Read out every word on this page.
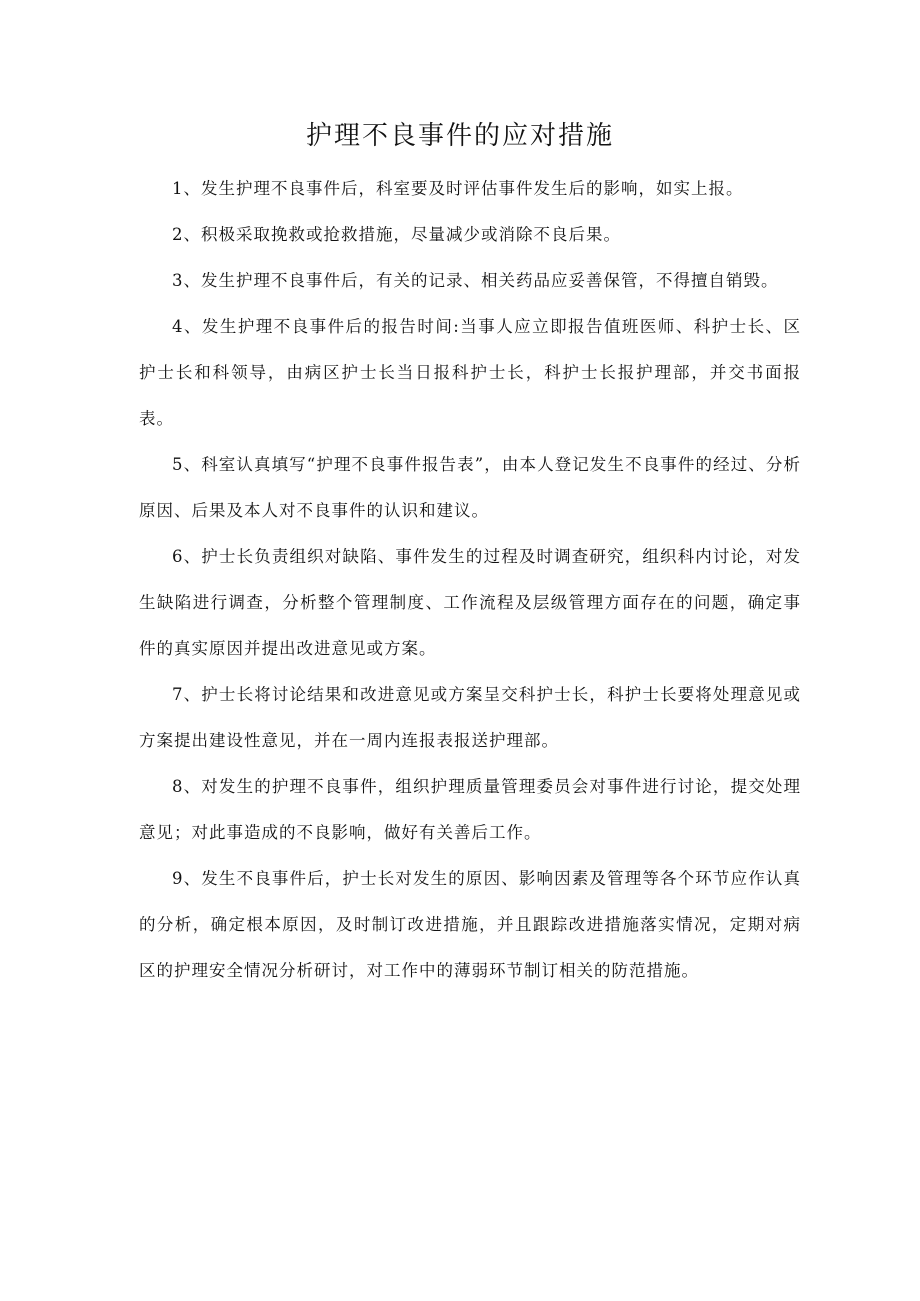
护理不良事件的应对措施

1、发生护理不良事件后，科室要及时评估事件发生后的影响，如实上报。

2、积极采取挽救或抢救措施，尽量减少或消除不良后果。

3、发生护理不良事件后，有关的记录、相关药品应妥善保管，不得擅自销毁。

4、发生护理不良事件后的报告时间:当事人应立即报告值班医师、科护士长、区护士长和科领导，由病区护士长当日报科护士长，科护士长报护理部，并交书面报表。

5、科室认真填写“护理不良事件报告表”，由本人登记发生不良事件的经过、分析原因、后果及本人对不良事件的认识和建议。

6、护士长负责组织对缺陷、事件发生的过程及时调查研究，组织科内讨论，对发生缺陷进行调查，分析整个管理制度、工作流程及层级管理方面存在的问题，确定事件的真实原因并提出改进意见或方案。

7、护士长将讨论结果和改进意见或方案呈交科护士长，科护士长要将处理意见或方案提出建设性意见，并在一周内连报表报送护理部。

8、对发生的护理不良事件，组织护理质量管理委员会对事件进行讨论，提交处理意见；对此事造成的不良影响，做好有关善后工作。

9、发生不良事件后，护士长对发生的原因、影响因素及管理等各个环节应作认真的分析，确定根本原因，及时制订改进措施，并且跟踪改进措施落实情况，定期对病区的护理安全情况分析研讨，对工作中的薄弱环节制订相关的防范措施。
